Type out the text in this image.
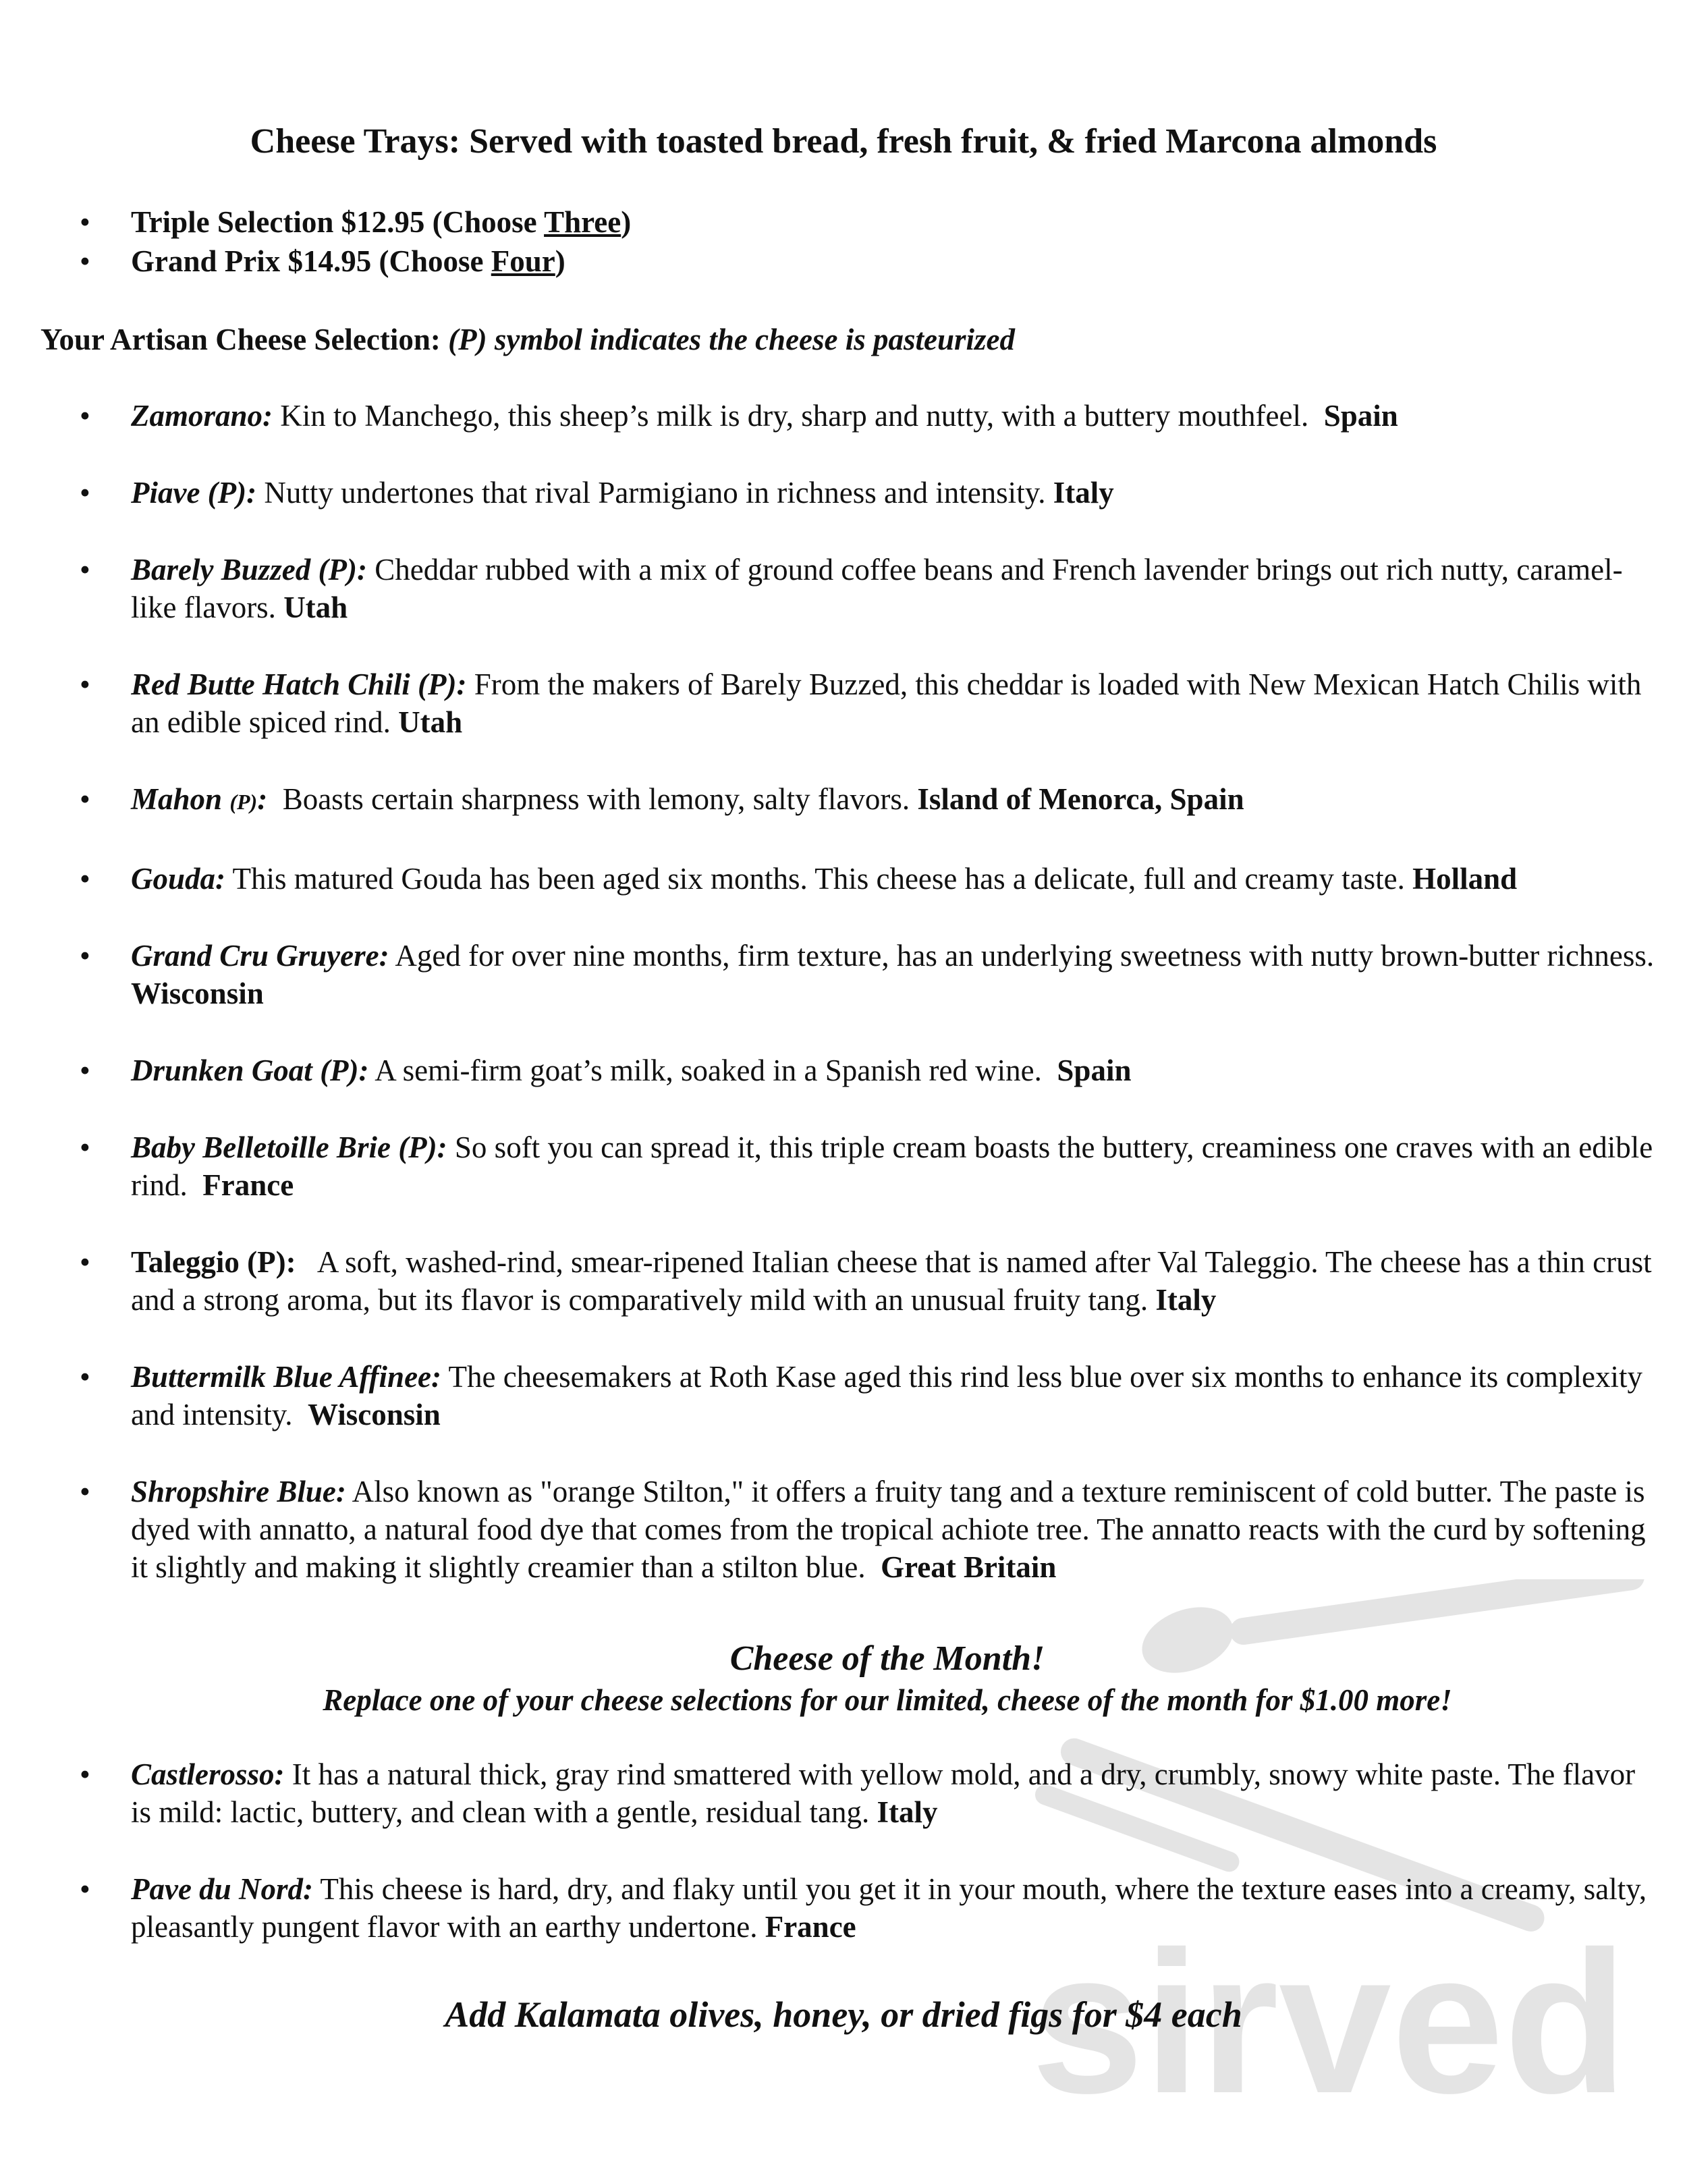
Cheese Trays: Served with toasted bread, fresh fruit, & fried Marcona almonds
• Triple Selection $12.95 (Choose Three)
• Grand Prix $14.95 (Choose Four)
Your Artisan Cheese Selection: (P) symbol indicates the cheese is pasteurized
• Zamorano: Kin to Manchego, this sheep’s milk is dry, sharp and nutty, with a buttery mouthfeel.  Spain
• Piave (P): Nutty undertones that rival Parmigiano in richness and intensity. Italy
• Barely Buzzed (P): Cheddar rubbed with a mix of ground coffee beans and French lavender brings out rich nutty, caramel-like flavors. Utah
• Red Butte Hatch Chili (P): From the makers of Barely Buzzed, this cheddar is loaded with New Mexican Hatch Chilis with an edible spiced rind. Utah
• Mahon (P):  Boasts certain sharpness with lemony, salty flavors. Island of Menorca, Spain
• Gouda: This matured Gouda has been aged six months. This cheese has a delicate, full and creamy taste. Holland
• Grand Cru Gruyere: Aged for over nine months, firm texture, has an underlying sweetness with nutty brown-butter richness.  Wisconsin
• Drunken Goat (P): A semi-firm goat’s milk, soaked in a Spanish red wine.  Spain
• Baby Belletoille Brie (P): So soft you can spread it, this triple cream boasts the buttery, creaminess one craves with an edible rind.  France
• Taleggio (P):   A soft, washed-rind, smear-ripened Italian cheese that is named after Val Taleggio. The cheese has a thin crust and a strong aroma, but its flavor is comparatively mild with an unusual fruity tang. Italy
• Buttermilk Blue Affinee: The cheesemakers at Roth Kase aged this rind less blue over six months to enhance its complexity and intensity.  Wisconsin
• Shropshire Blue: Also known as "orange Stilton," it offers a fruity tang and a texture reminiscent of cold butter. The paste is dyed with annatto, a natural food dye that comes from the tropical achiote tree. The annatto reacts with the curd by softening it slightly and making it slightly creamier than a stilton blue.  Great Britain
Cheese of the Month!
Replace one of your cheese selections for our limited, cheese of the month for $1.00 more!
• Castlerosso: It has a natural thick, gray rind smattered with yellow mold, and a dry, crumbly, snowy white paste. The flavor is mild: lactic, buttery, and clean with a gentle, residual tang. Italy
• Pave du Nord: This cheese is hard, dry, and flaky until you get it in your mouth, where the texture eases into a creamy, salty, pleasantly pungent flavor with an earthy undertone. France
Add Kalamata olives, honey, or dried figs for $4 each
sirved
